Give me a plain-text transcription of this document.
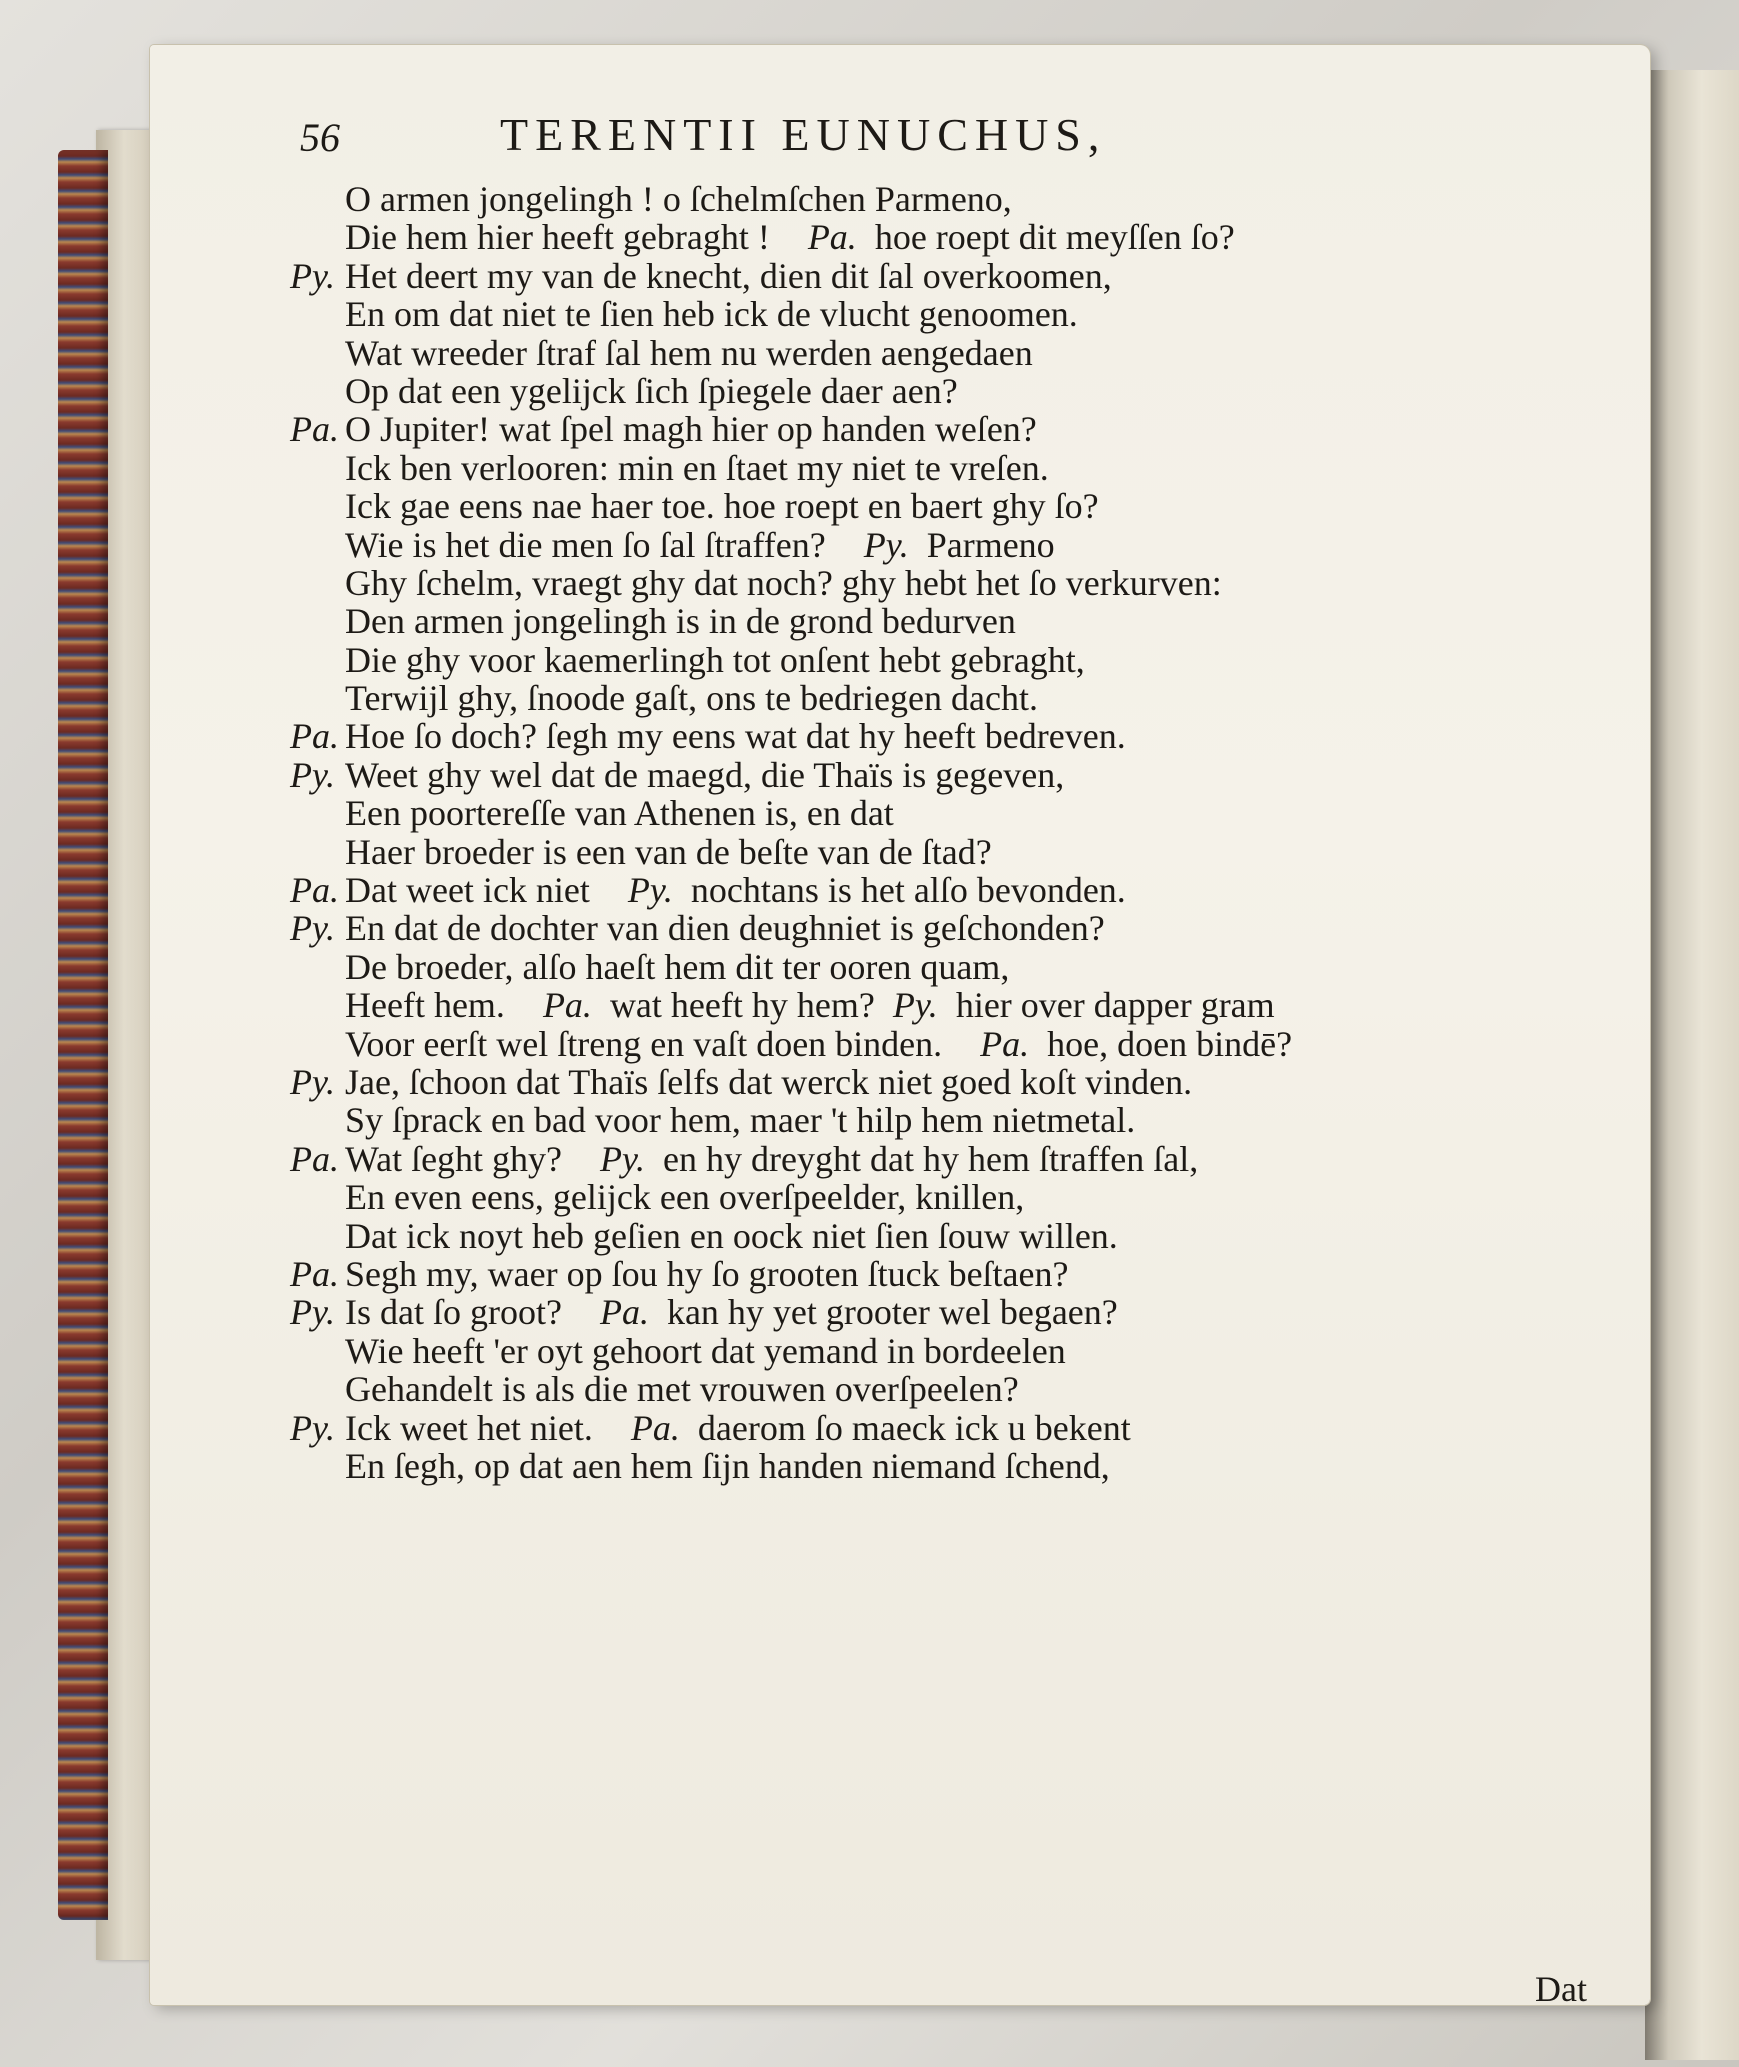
56	TERENTII EUNUCHUS,
O armen jongelingh ! o ſchelmſchen Parmeno,
Die hem hier heeft gebraght ! Pa. hoe roept dit meyſſen ſo?
Py. Het deert my van de knecht, dien dit ſal overkoomen,
En om dat niet te ſien heb ick de vlucht genoomen.
Wat wreeder ſtraf ſal hem nu werden aengedaen
Op dat een ygelijck ſich ſpiegele daer aen?
Pa. O Jupiter! wat ſpel magh hier op handen weſen?
Ick ben verlooren: min en ſtaet my niet te vreſen.
Ick gae eens nae haer toe. hoe roept en baert ghy ſo?
Wie is het die men ſo ſal ſtraffen? Py. Parmeno
Ghy ſchelm, vraegt ghy dat noch? ghy hebt het ſo verkurven:
Den armen jongelingh is in de grond bedurven
Die ghy voor kaemerlingh tot onſent hebt gebraght,
Terwijl ghy, ſnoode gaſt, ons te bedriegen dacht.
Pa. Hoe ſo doch? ſegh my eens wat dat hy heeft bedreven.
Py. Weet ghy wel dat de maegd, die Thaïs is gegeven,
Een poortereſſe van Athenen is, en dat
Haer broeder is een van de beſte van de ſtad?
Pa. Dat weet ick niet Py. nochtans is het alſo bevonden.
Py. En dat de dochter van dien deughniet is geſchonden?
De broeder, alſo haeſt hem dit ter ooren quam,
Heeft hem. Pa. wat heeft hy hem? Py. hier over dapper gram
Voor eerſt wel ſtreng en vaſt doen binden. Pa. hoe, doen bindē?
Py. Jae, ſchoon dat Thaïs ſelfs dat werck niet goed koſt vinden.
Sy ſprack en bad voor hem, maer 't hilp hem nietmetal.
Pa. Wat ſeght ghy? Py. en hy dreyght dat hy hem ſtraffen ſal,
En even eens, gelijck een overſpeelder, knillen,
Dat ick noyt heb geſien en oock niet ſien ſouw willen.
Pa. Segh my, waer op ſou hy ſo grooten ſtuck beſtaen?
Py. Is dat ſo groot? Pa. kan hy yet grooter wel begaen?
Wie heeft 'er oyt gehoort dat yemand in bordeelen
Gehandelt is als die met vrouwen overſpeelen?
Py. Ick weet het niet. Pa. daerom ſo maeck ick u bekent
En ſegh, op dat aen hem ſijn handen niemand ſchend,
Dat
